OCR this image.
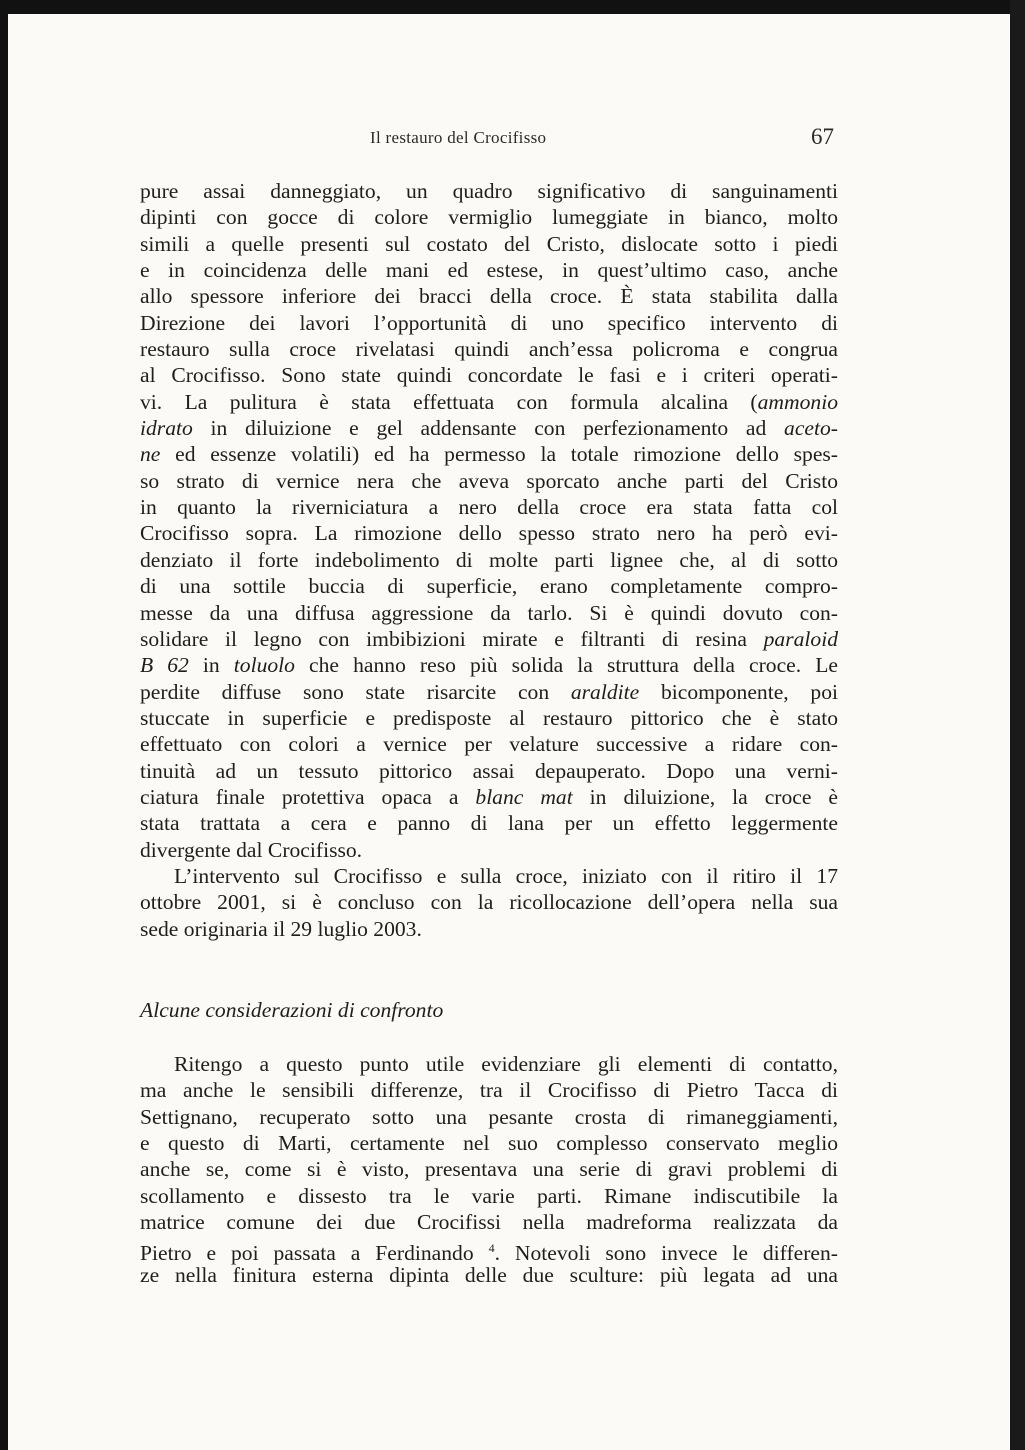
Il restauro del Crocifisso	67
pure assai danneggiato, un quadro significativo di sanguinamenti
dipinti con gocce di colore vermiglio lumeggiate in bianco, molto
simili a quelle presenti sul costato del Cristo, dislocate sotto i piedi
e in coincidenza delle mani ed estese, in quest’ultimo caso, anche
allo spessore inferiore dei bracci della croce. È stata stabilita dalla
Direzione dei lavori l’opportunità di uno specifico intervento di
restauro sulla croce rivelatasi quindi anch’essa policroma e congrua
al Crocifisso. Sono state quindi concordate le fasi e i criteri operati-
vi. La pulitura è stata effettuata con formula alcalina (ammonio
idrato in diluizione e gel addensante con perfezionamento ad aceto-
ne ed essenze volatili) ed ha permesso la totale rimozione dello spes-
so strato di vernice nera che aveva sporcato anche parti del Cristo
in quanto la riverniciatura a nero della croce era stata fatta col
Crocifisso sopra. La rimozione dello spesso strato nero ha però evi-
denziato il forte indebolimento di molte parti lignee che, al di sotto
di una sottile buccia di superficie, erano completamente compro-
messe da una diffusa aggressione da tarlo. Si è quindi dovuto con-
solidare il legno con imbibizioni mirate e filtranti di resina paraloid
B 62 in toluolo che hanno reso più solida la struttura della croce. Le
perdite diffuse sono state risarcite con araldite bicomponente, poi
stuccate in superficie e predisposte al restauro pittorico che è stato
effettuato con colori a vernice per velature successive a ridare con-
tinuità ad un tessuto pittorico assai depauperato. Dopo una verni-
ciatura finale protettiva opaca a blanc mat in diluizione, la croce è
stata trattata a cera e panno di lana per un effetto leggermente
divergente dal Crocifisso.
L’intervento sul Crocifisso e sulla croce, iniziato con il ritiro il 17
ottobre 2001, si è concluso con la ricollocazione dell’opera nella sua
sede originaria il 29 luglio 2003.
Alcune considerazioni di confronto
Ritengo a questo punto utile evidenziare gli elementi di contatto,
ma anche le sensibili differenze, tra il Crocifisso di Pietro Tacca di
Settignano, recuperato sotto una pesante crosta di rimaneggiamenti,
e questo di Marti, certamente nel suo complesso conservato meglio
anche se, come si è visto, presentava una serie di gravi problemi di
scollamento e dissesto tra le varie parti. Rimane indiscutibile la
matrice comune dei due Crocifissi nella madreforma realizzata da
Pietro e poi passata a Ferdinando $^4$. Notevoli sono invece le differen-
ze nella finitura esterna dipinta delle due sculture: più legata ad una
